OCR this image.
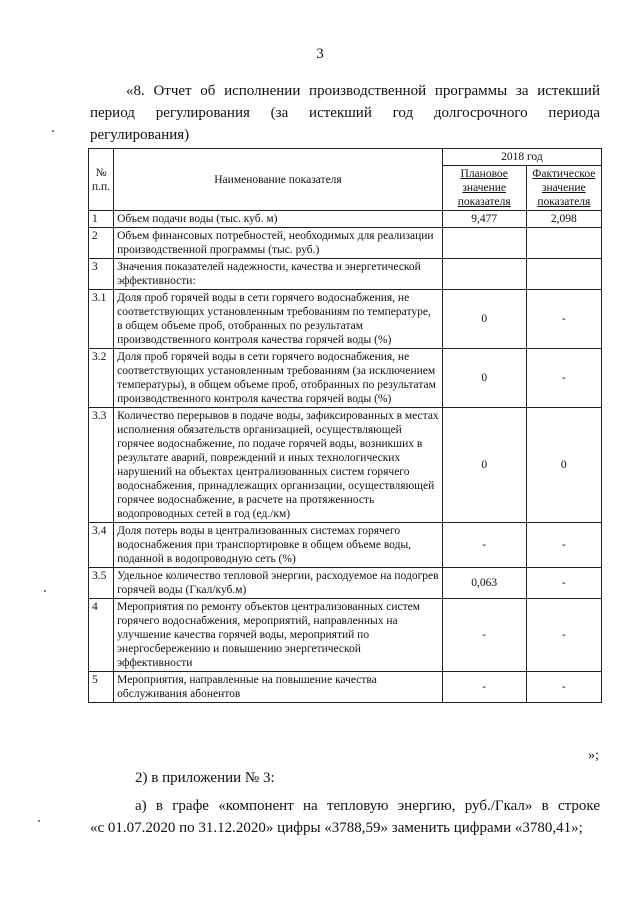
3
«8. Отчет об исполнении производственной программы за истекший
период регулирования (за истекший год долгосрочного периода
регулирования)
№ п.п.	Наименование показателя	2018 год	
		Плановое значение показателя	Фактическое значение показателя
1	Объем подачи воды (тыс. куб. м)	9,477	2,098
2	Объем финансовых потребностей, необходимых для реализации производственной программы (тыс. руб.)		
3	Значения показателей надежности, качества и энергетической эффективности:		
3.1	Доля проб горячей воды в сети горячего водоснабжения, не соответствующих установленным требованиям по температуре, в общем объеме проб, отобранных по результатам производственного контроля качества горячей воды (%)	0	-
3.2	Доля проб горячей воды в сети горячего водоснабжения, не соответствующих установленным требованиям (за исключением температуры), в общем объеме проб, отобранных по результатам производственного контроля качества горячей воды (%)	0	-
3.3	Количество перерывов в подаче воды, зафиксированных в местах исполнения обязательств организацией, осуществляющей горячее водоснабжение, по подаче горячей воды, возникших в результате аварий, повреждений и иных технологических нарушений на объектах централизованных систем горячего водоснабжения, принадлежащих организации, осуществляющей горячее водоснабжение, в расчете на протяженность водопроводных сетей в год (ед./км)	0	0
3.4	Доля потерь воды в централизованных системах горячего водоснабжения при транспортировке в общем объеме воды, поданной в водопроводную сеть (%)	-	-
3.5	Удельное количество тепловой энергии, расходуемое на подогрев горячей воды (Гкал/куб.м)	0,063	-
4	Мероприятия по ремонту объектов централизованных систем горячего водоснабжения, мероприятий, направленных на улучшение качества горячей воды, мероприятий по энергосбережению и повышению энергетической эффективности	-	-
5	Мероприятия, направленные на повышение качества обслуживания абонентов	-	-
»;
2) в приложении № 3:
а) в графе «компонент на тепловую энергию, руб./Гкал» в строке
«с 01.07.2020 по 31.12.2020» цифры «3788,59» заменить цифрами «3780,41»;
